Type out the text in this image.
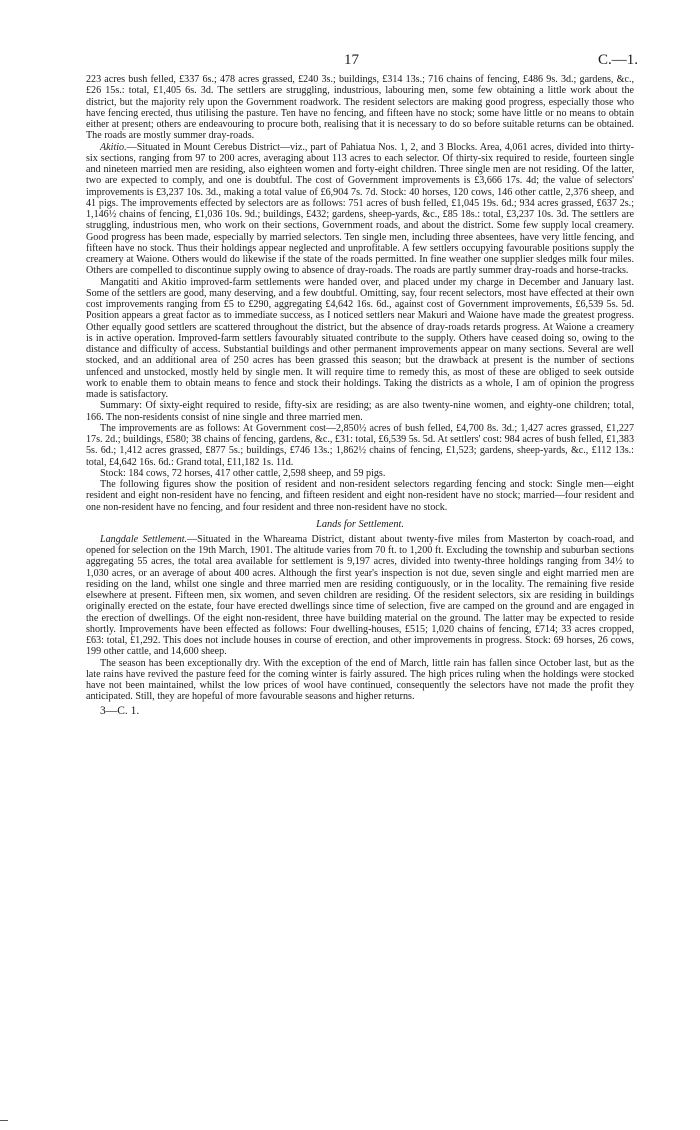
17	C.—1.

223 acres bush felled, £337 6s.; 478 acres grassed, £240 3s.; buildings, £314 13s.; 716 chains of fencing, £486 9s. 3d.; gardens, &c., £26 15s.: total, £1,405 6s. 3d. The settlers are struggling, industrious, labouring men, some few obtaining a little work about the district, but the majority rely upon the Government roadwork. The resident selectors are making good progress, especially those who have fencing erected, thus utilising the pasture. Ten have no fencing, and fifteen have no stock; some have little or no means to obtain either at present; others are endeavouring to procure both, realising that it is necessary to do so before suitable returns can be obtained. The roads are mostly summer dray-roads.

Akitio.—Situated in Mount Cerebus District—viz., part of Pahiatua Nos. 1, 2, and 3 Blocks. Area, 4,061 acres, divided into thirty-six sections, ranging from 97 to 200 acres, averaging about 113 acres to each selector. Of thirty-six required to reside, fourteen single and nineteen married men are residing, also eighteen women and forty-eight children. Three single men are not residing. Of the latter, two are expected to comply, and one is doubtful. The cost of Government improvements is £3,666 17s. 4d; the value of selectors' improvements is £3,237 10s. 3d., making a total value of £6,904 7s. 7d. Stock: 40 horses, 120 cows, 146 other cattle, 2,376 sheep, and 41 pigs. The improvements effected by selectors are as follows: 751 acres of bush felled, £1,045 19s. 6d.; 934 acres grassed, £637 2s.; 1,146½ chains of fencing, £1,036 10s. 9d.; buildings, £432; gardens, sheep-yards, &c., £85 18s.: total, £3,237 10s. 3d. The settlers are struggling, industrious men, who work on their sections, Government roads, and about the district. Some few supply local creamery. Good progress has been made, especially by married selectors. Ten single men, including three absentees, have very little fencing, and fifteen have no stock. Thus their holdings appear neglected and unprofitable. A few settlers occupying favourable positions supply the creamery at Waione. Others would do likewise if the state of the roads permitted. In fine weather one supplier sledges milk four miles. Others are compelled to discontinue supply owing to absence of dray-roads. The roads are partly summer dray-roads and horse-tracks.

Mangatiti and Akitio improved-farm settlements were handed over, and placed under my charge in December and January last. Some of the settlers are good, many deserving, and a few doubtful. Omitting, say, four recent selectors, most have effected at their own cost improvements ranging from £5 to £290, aggregating £4,642 16s. 6d., against cost of Government improvements, £6,539 5s. 5d. Position appears a great factor as to immediate success, as I noticed settlers near Makuri and Waione have made the greatest progress. Other equally good settlers are scattered throughout the district, but the absence of dray-roads retards progress. At Waione a creamery is in active operation. Improved-farm settlers favourably situated contribute to the supply. Others have ceased doing so, owing to the distance and difficulty of access. Substantial buildings and other permanent improvements appear on many sections. Several are well stocked, and an additional area of 250 acres has been grassed this season; but the drawback at present is the number of sections unfenced and unstocked, mostly held by single men. It will require time to remedy this, as most of these are obliged to seek outside work to enable them to obtain means to fence and stock their holdings. Taking the districts as a whole, I am of opinion the progress made is satisfactory.

Summary: Of sixty-eight required to reside, fifty-six are residing; as are also twenty-nine women, and eighty-one children; total, 166. The non-residents consist of nine single and three married men.

The improvements are as follows: At Government cost—2,850½ acres of bush felled, £4,700 8s. 3d.; 1,427 acres grassed, £1,227 17s. 2d.; buildings, £580; 38 chains of fencing, gardens, &c., £31: total, £6,539 5s. 5d. At settlers' cost: 984 acres of bush felled, £1,383 5s. 6d.; 1,412 acres grassed, £877 5s.; buildings, £746 13s.; 1,862½ chains of fencing, £1,523; gardens, sheep-yards, &c., £112 13s.: total, £4,642 16s. 6d.: Grand total, £11,182 1s. 11d.

Stock: 184 cows, 72 horses, 417 other cattle, 2,598 sheep, and 59 pigs.

The following figures show the position of resident and non-resident selectors regarding fencing and stock: Single men—eight resident and eight non-resident have no fencing, and fifteen resident and eight non-resident have no stock; married—four resident and one non-resident have no fencing, and four resident and three non-resident have no stock.

Lands for Settlement.

Langdale Settlement.—Situated in the Whareama District, distant about twenty-five miles from Masterton by coach-road, and opened for selection on the 19th March, 1901. The altitude varies from 70 ft. to 1,200 ft. Excluding the township and suburban sections aggregating 55 acres, the total area available for settlement is 9,197 acres, divided into twenty-three holdings ranging from 34½ to 1,030 acres, or an average of about 400 acres. Although the first year's inspection is not due, seven single and eight married men are residing on the land, whilst one single and three married men are residing contiguously, or in the locality. The remaining five reside elsewhere at present. Fifteen men, six women, and seven children are residing. Of the resident selectors, six are residing in buildings originally erected on the estate, four have erected dwellings since time of selection, five are camped on the ground and are engaged in the erection of dwellings. Of the eight non-resident, three have building material on the ground. The latter may be expected to reside shortly. Improvements have been effected as follows: Four dwelling-houses, £515; 1,020 chains of fencing, £714; 33 acres cropped, £63: total, £1,292. This does not include houses in course of erection, and other improvements in progress. Stock: 69 horses, 26 cows, 199 other cattle, and 14,600 sheep.

The season has been exceptionally dry. With the exception of the end of March, little rain has fallen since October last, but as the late rains have revived the pasture feed for the coming winter is fairly assured. The high prices ruling when the holdings were stocked have not been maintained, whilst the low prices of wool have continued, consequently the selectors have not made the profit they anticipated. Still, they are hopeful of more favourable seasons and higher returns.

3—C. 1.
